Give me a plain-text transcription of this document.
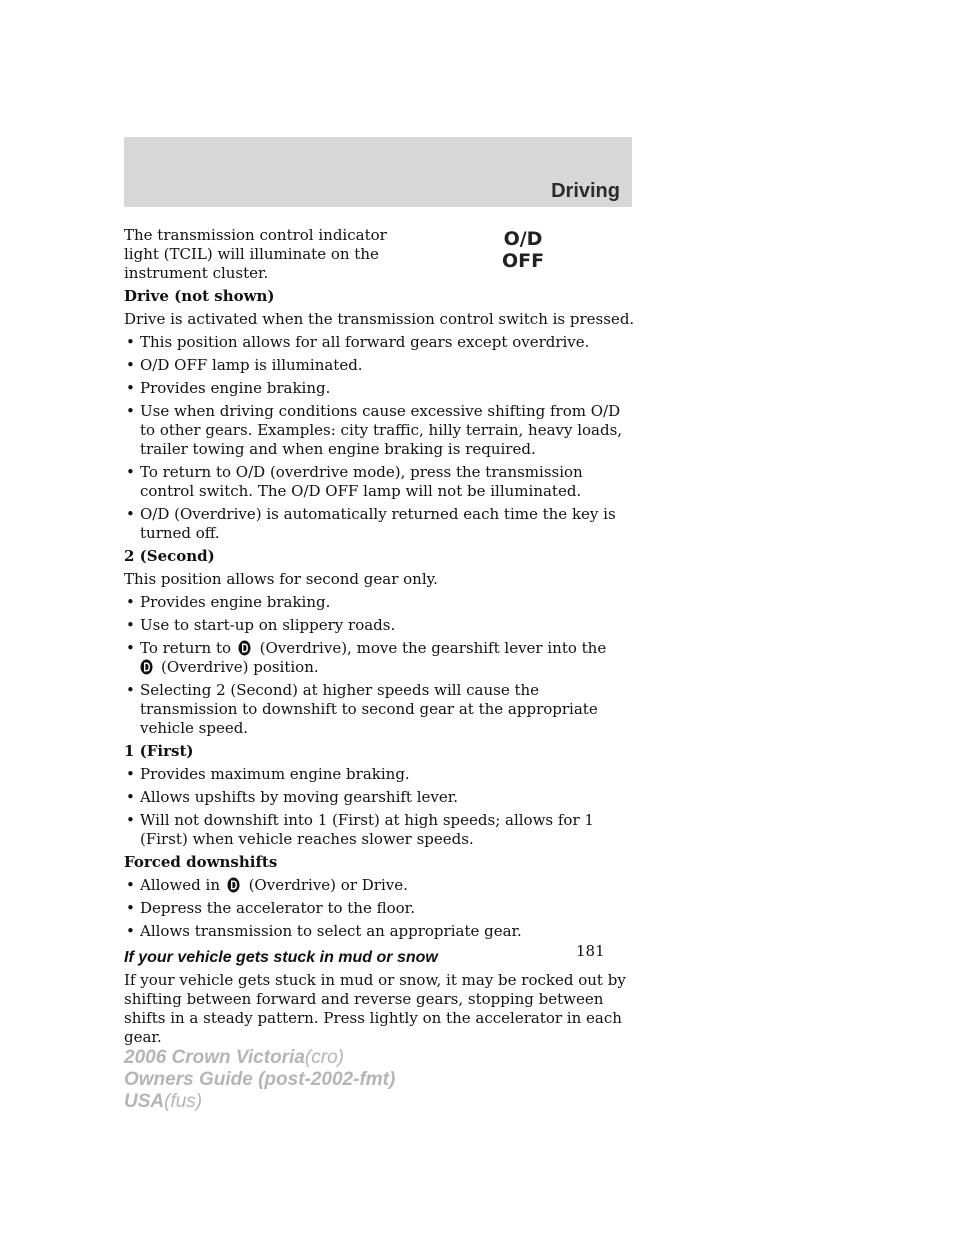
Driving

The transmission control indicator light (TCIL) will illuminate on the instrument cluster.

O/D
OFF
Drive (not shown)

Drive is activated when the transmission control switch is pressed.

• This position allows for all forward gears except overdrive.
• O/D OFF lamp is illuminated.
• Provides engine braking.
• Use when driving conditions cause excessive shifting from O/D to other gears. Examples: city traffic, hilly terrain, heavy loads, trailer towing and when engine braking is required.
• To return to O/D (overdrive mode), press the transmission control switch. The O/D OFF lamp will not be illuminated.
• O/D (Overdrive) is automatically returned each time the key is turned off.
2 (Second)

This position allows for second gear only.

• Provides engine braking.
• Use to start-up on slippery roads.
• To return to (Overdrive), move the gearshift lever into the
(Overdrive) position.
• Selecting 2 (Second) at higher speeds will cause the transmission to downshift to second gear at the appropriate vehicle speed.
1 (First)
• Provides maximum engine braking.
• Allows upshifts by moving gearshift lever.
• Will not downshift into 1 (First) at high speeds; allows for 1 (First) when vehicle reaches slower speeds.
Forced downshifts
• Allowed in (Overdrive) or Drive.
• Depress the accelerator to the floor.
• Allows transmission to select an appropriate gear.
If your vehicle gets stuck in mud or snow

If your vehicle gets stuck in mud or snow, it may be rocked out by shifting between forward and reverse gears, stopping between shifts in a steady pattern. Press lightly on the accelerator in each gear.

181
2006 Crown Victoria(cro)
Owners Guide (post-2002-fmt)
USA(fus)
